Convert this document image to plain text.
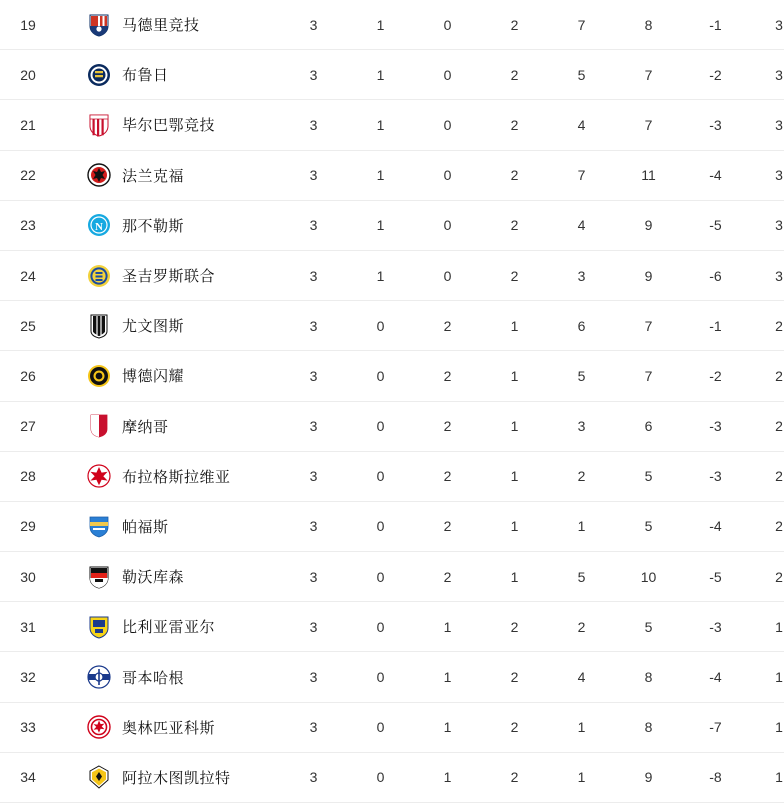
19	马德里竞技	3	1	0	2	7	8	-1	3
20	布鲁日	3	1	0	2	5	7	-2	3
21	毕尔巴鄂竞技	3	1	0	2	4	7	-3	3
22	法兰克福	3	1	0	2	7	11	-4	3
23	N 那不勒斯	3	1	0	2	4	9	-5	3
24	圣吉罗斯联合	3	1	0	2	3	9	-6	3
25	尤文图斯	3	0	2	1	6	7	-1	2
26	博德闪耀	3	0	2	1	5	7	-2	2
27	摩纳哥	3	0	2	1	3	6	-3	2
28	布拉格斯拉维亚	3	0	2	1	2	5	-3	2
29	帕福斯	3	0	2	1	1	5	-4	2
30	勒沃库森	3	0	2	1	5	10	-5	2
31	比利亚雷亚尔	3	0	1	2	2	5	-3	1
32	哥本哈根	3	0	1	2	4	8	-4	1
33	奥林匹亚科斯	3	0	1	2	1	8	-7	1
34	阿拉木图凯拉特	3	0	1	2	1	9	-8	1
